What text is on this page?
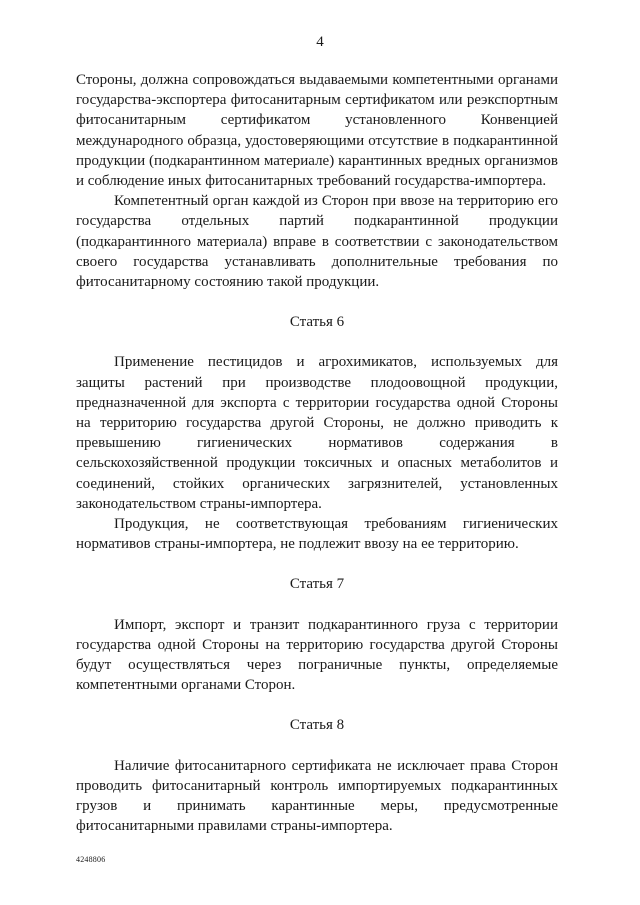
4

Стороны, должна сопровождаться выдаваемыми компетентными органами государства-экспортера фитосанитарным сертификатом или реэкспортным фитосанитарным сертификатом установленного Конвенцией международного образца, удостоверяющими отсутствие в подкарантинной продукции (подкарантинном материале) карантинных вредных организмов и соблюдение иных фитосанитарных требований государства-импортера.

Компетентный орган каждой из Сторон при ввозе на территорию его государства отдельных партий подкарантинной продукции (подкарантинного материала) вправе в соответствии с законодательством своего государства устанавливать дополнительные требования по фитосанитарному состоянию такой продукции.

Статья 6

Применение пестицидов и агрохимикатов, используемых для защиты растений при производстве плодоовощной продукции, предназначенной для экспорта с территории государства одной Стороны на территорию государства другой Стороны, не должно приводить к превышению гигиенических нормативов содержания в сельскохозяйственной продукции токсичных и опасных метаболитов и соединений, стойких органических загрязнителей, установленных законодательством страны-импортера.

Продукция, не соответствующая требованиям гигиенических нормативов страны-импортера, не подлежит ввозу на ее территорию.

Статья 7

Импорт, экспорт и транзит подкарантинного груза с территории государства одной Стороны на территорию государства другой Стороны будут осуществляться через пограничные пункты, определяемые компетентными органами Сторон.

Статья 8

Наличие фитосанитарного сертификата не исключает права Сторон проводить фитосанитарный контроль импортируемых подкарантинных грузов и принимать карантинные меры, предусмотренные фитосанитарными правилами страны-импортера.

4248806
